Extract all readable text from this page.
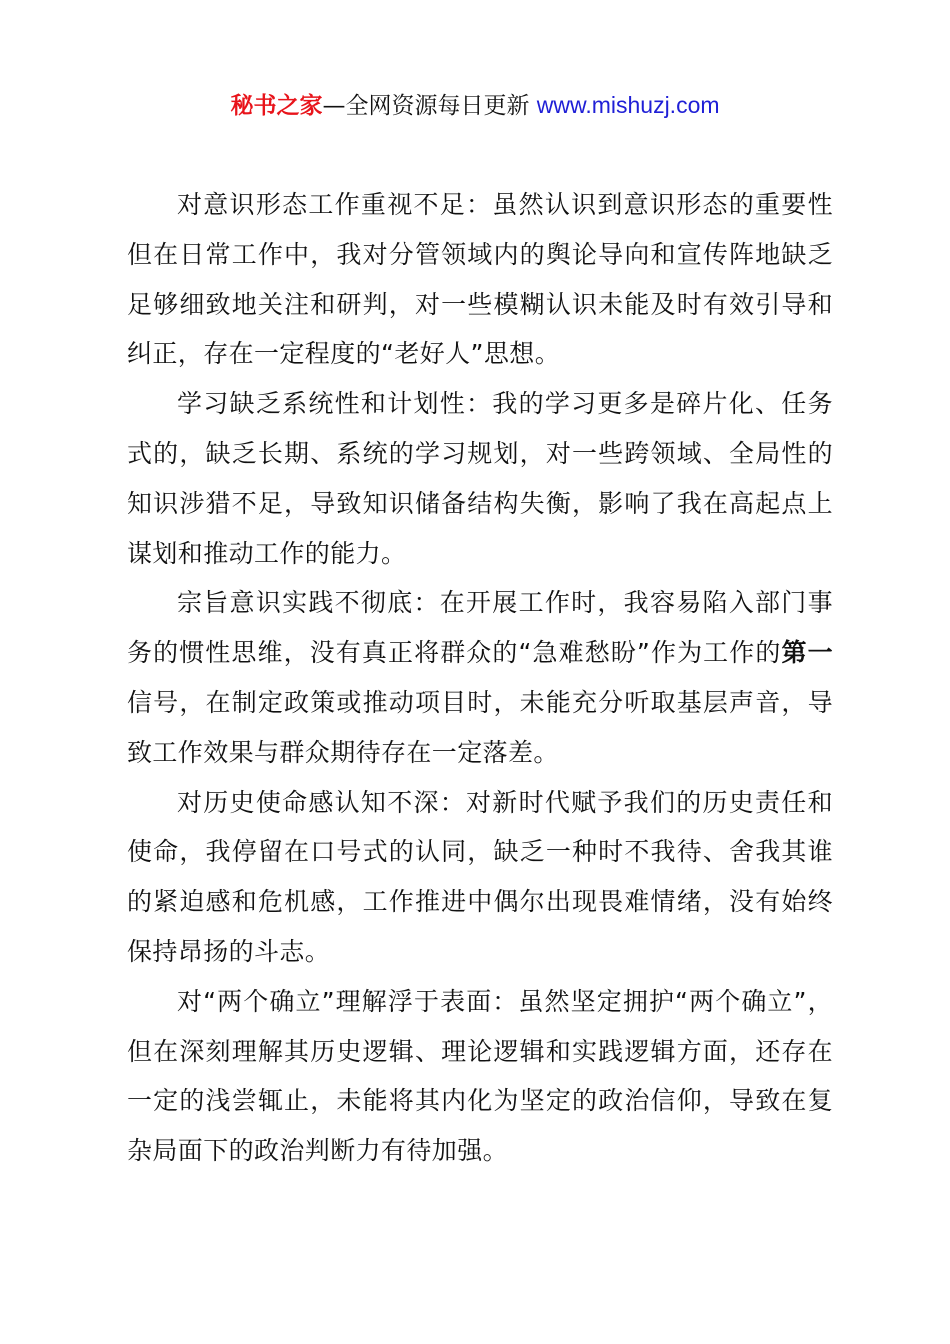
秘书之家—全网资源每日更新 www.mishuzj.com

对意识形态工作重视不足：虽然认识到意识形态的重要性但在日常工作中，我对分管领域内的舆论导向和宣传阵地缺乏足够细致地关注和研判，对一些模糊认识未能及时有效引导和纠正，存在一定程度的“老好人”思想。

学习缺乏系统性和计划性：我的学习更多是碎片化、任务式的，缺乏长期、系统的学习规划，对一些跨领域、全局性的知识涉猎不足，导致知识储备结构失衡，影响了我在高起点上谋划和推动工作的能力。

宗旨意识实践不彻底：在开展工作时，我容易陷入部门事务的惯性思维，没有真正将群众的“急难愁盼”作为工作的第一信号，在制定政策或推动项目时，未能充分听取基层声音，导致工作效果与群众期待存在一定落差。

对历史使命感认知不深：对新时代赋予我们的历史责任和使命，我停留在口号式的认同，缺乏一种时不我待、舍我其谁的紧迫感和危机感，工作推进中偶尔出现畏难情绪，没有始终保持昂扬的斗志。

对“两个确立”理解浮于表面：虽然坚定拥护“两个确立”，但在深刻理解其历史逻辑、理论逻辑和实践逻辑方面，还存在一定的浅尝辄止，未能将其内化为坚定的政治信仰，导致在复杂局面下的政治判断力有待加强。
